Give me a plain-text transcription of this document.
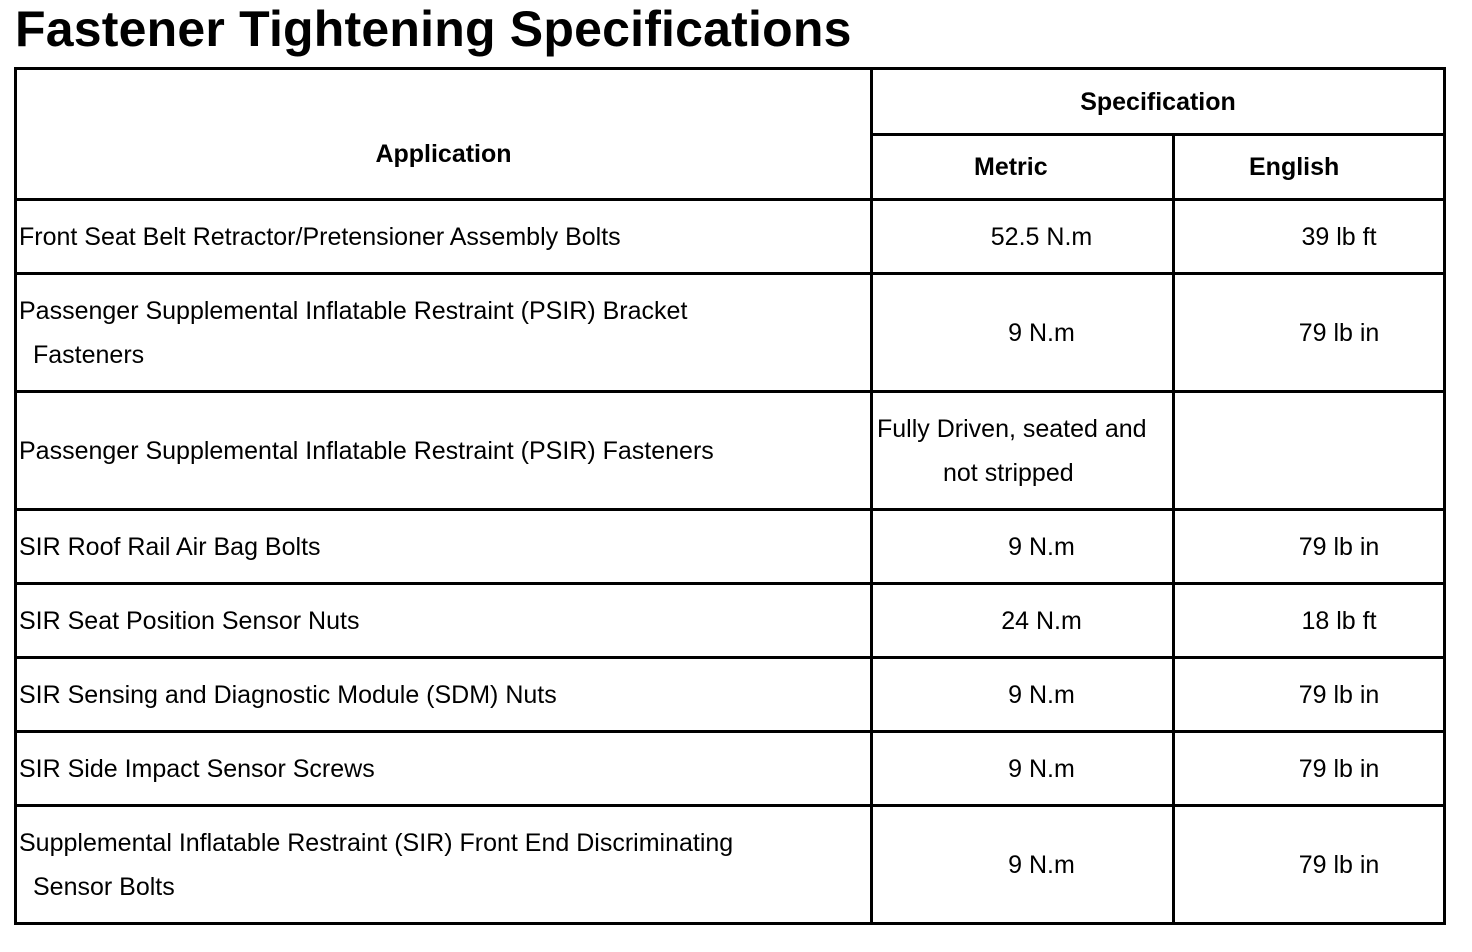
Fastener Tightening Specifications
Application	Specification	
	Metric	English

Front Seat Belt Retractor/Pretensioner Assembly Bolts	52.5 N.m	39 lb ft

Passenger Supplemental Inflatable Restraint (PSIR) Bracket
Fasteners	9 N.m	79 lb in

Passenger Supplemental Inflatable Restraint (PSIR) Fasteners	Fully Driven, seated and
not stripped	

SIR Roof Rail Air Bag Bolts	9 N.m	79 lb in

SIR Seat Position Sensor Nuts	24 N.m	18 lb ft

SIR Sensing and Diagnostic Module (SDM) Nuts	9 N.m	79 lb in

SIR Side Impact Sensor Screws	9 N.m	79 lb in

Supplemental Inflatable Restraint (SIR) Front End Discriminating
Sensor Bolts	9 N.m	79 lb in
